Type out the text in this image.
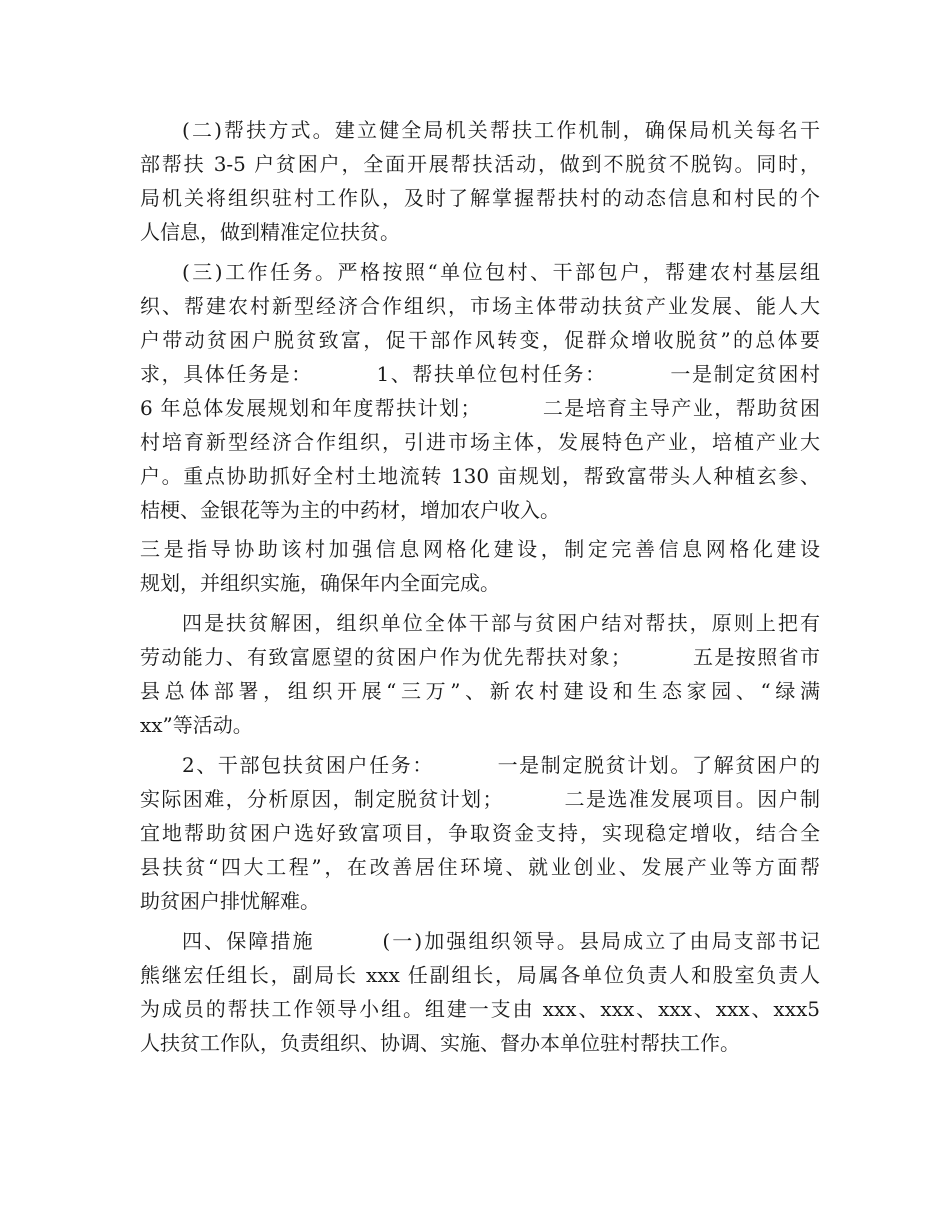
(二)帮扶方式。建立健全局机关帮扶工作机制，确保局机关每名干
部帮扶 3-5 户贫困户，全面开展帮扶活动，做到不脱贫不脱钩。同时，
局机关将组织驻村工作队，及时了解掌握帮扶村的动态信息和村民的个
人信息，做到精准定位扶贫。
(三)工作任务。严格按照“单位包村、干部包户，帮建农村基层组
织、帮建农村新型经济合作组织，市场主体带动扶贫产业发展、能人大
户带动贫困户脱贫致富，促干部作风转变，促群众增收脱贫”的总体要
求，具体任务是：        1、帮扶单位包村任务：        一是制定贫困村
6 年总体发展规划和年度帮扶计划；        二是培育主导产业，帮助贫困
村培育新型经济合作组织，引进市场主体，发展特色产业，培植产业大
户。重点协助抓好全村土地流转 130 亩规划，帮致富带头人种植玄参、
桔梗、金银花等为主的中药材，增加农户收入。
三是指导协助该村加强信息网格化建设，制定完善信息网格化建设
规划，并组织实施，确保年内全面完成。
四是扶贫解困，组织单位全体干部与贫困户结对帮扶，原则上把有
劳动能力、有致富愿望的贫困户作为优先帮扶对象；        五是按照省市
县总体部署，组织开展“三万”、新农村建设和生态家园、“绿满
xx”等活动。
2、干部包扶贫困户任务：        一是制定脱贫计划。了解贫困户的
实际困难，分析原因，制定脱贫计划；        二是选准发展项目。因户制
宜地帮助贫困户选好致富项目，争取资金支持，实现稳定增收，结合全
县扶贫“四大工程”，在改善居住环境、就业创业、发展产业等方面帮
助贫困户排忧解难。
四、保障措施        (一)加强组织领导。县局成立了由局支部书记
熊继宏任组长，副局长 xxx 任副组长，局属各单位负责人和股室负责人
为成员的帮扶工作领导小组。组建一支由 xxx、xxx、xxx、xxx、xxx5
人扶贫工作队，负责组织、协调、实施、督办本单位驻村帮扶工作。
